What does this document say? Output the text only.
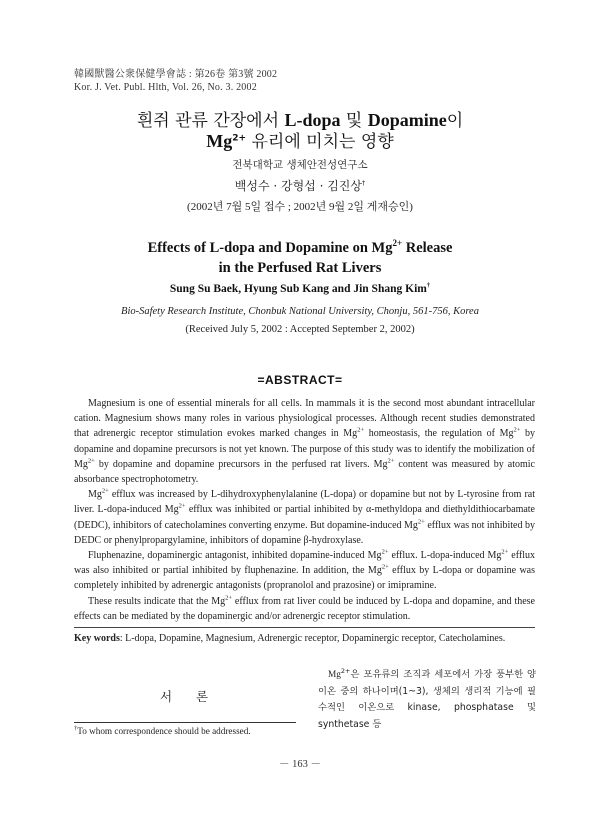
韓國獸醫公衆保健學會誌 : 第26卷 第3號 2002
Kor. J. Vet. Publ. Hlth, Vol. 26, No. 3. 2002
흰쥐 관류 간장에서 L-dopa 및 Dopamine이
$Mg^{2+}$ 유리에 미치는 영향
전북대학교 생체안전성연구소
백성수 · 강형섭 · 김진상†
(2002년 7월 5일 접수 ; 2002년 9월 2일 게재승인)
Effects of L-dopa and Dopamine on $Mg^{2+}$ Release
in the Perfused Rat Livers
Sung Su Baek, Hyung Sub Kang and Jin Shang Kim†
Bio-Safety Research Institute, Chonbuk National University, Chonju, 561-756, Korea
(Received July 5, 2002 : Accepted September 2, 2002)
=ABSTRACT=

Magnesium is one of essential minerals for all cells. In mammals it is the second most abundant intracellular cation. Magnesium shows many roles in various physiological processes. Although recent studies demonstrated that adrenergic receptor stimulation evokes marked changes in $Mg^{2+}$ homeostasis, the regulation of $Mg^{2+}$ by dopamine and dopamine precursors is not yet known. The purpose of this study was to identify the mobilization of $Mg^{2+}$ by dopamine and dopamine precursors in the perfused rat livers. $Mg^{2+}$ content was measured by atomic absorbance spectrophotometry.

$Mg^{2+}$ efflux was increased by L-dihydroxyphenylalanine (L-dopa) or dopamine but not by L-tyrosine from rat liver. L-dopa-induced $Mg^{2+}$ efflux was inhibited or partial inhibited by α-methyldopa and diethyldithiocarbamate (DEDC), inhibitors of catecholamines converting enzyme. But dopamine-induced $Mg^{2+}$ efflux was not inhibited by DEDC or phenylpropargylamine, inhibitors of dopamine β-hydroxylase.

Fluphenazine, dopaminergic antagonist, inhibited dopamine-induced $Mg^{2+}$ efflux. L-dopa-induced $Mg^{2+}$ efflux was also inhibited or partial inhibited by fluphenazine. In addition, the $Mg^{2+}$ efflux by L-dopa or dopamine was completely inhibited by adrenergic antagonists (propranolol and prazosine) or imipramine.

These results indicate that the $Mg^{2+}$ efflux from rat liver could be induced by L-dopa and dopamine, and these effects can be mediated by the dopaminergic and/or adrenergic receptor stimulation.

Key words: L-dopa, Dopamine, Magnesium, Adrenergic receptor, Dopaminergic receptor, Catecholamines.
서 론

$Mg^{2+}$은 포유류의 조직과 세포에서 가장 풍부한 양이온 중의 하나이며(1~3), 생체의 생리적 기능에 필수적인 이온으로 kinase, phosphatase 및 synthetase 등

†To whom correspondence should be addressed.
－ 163 －
